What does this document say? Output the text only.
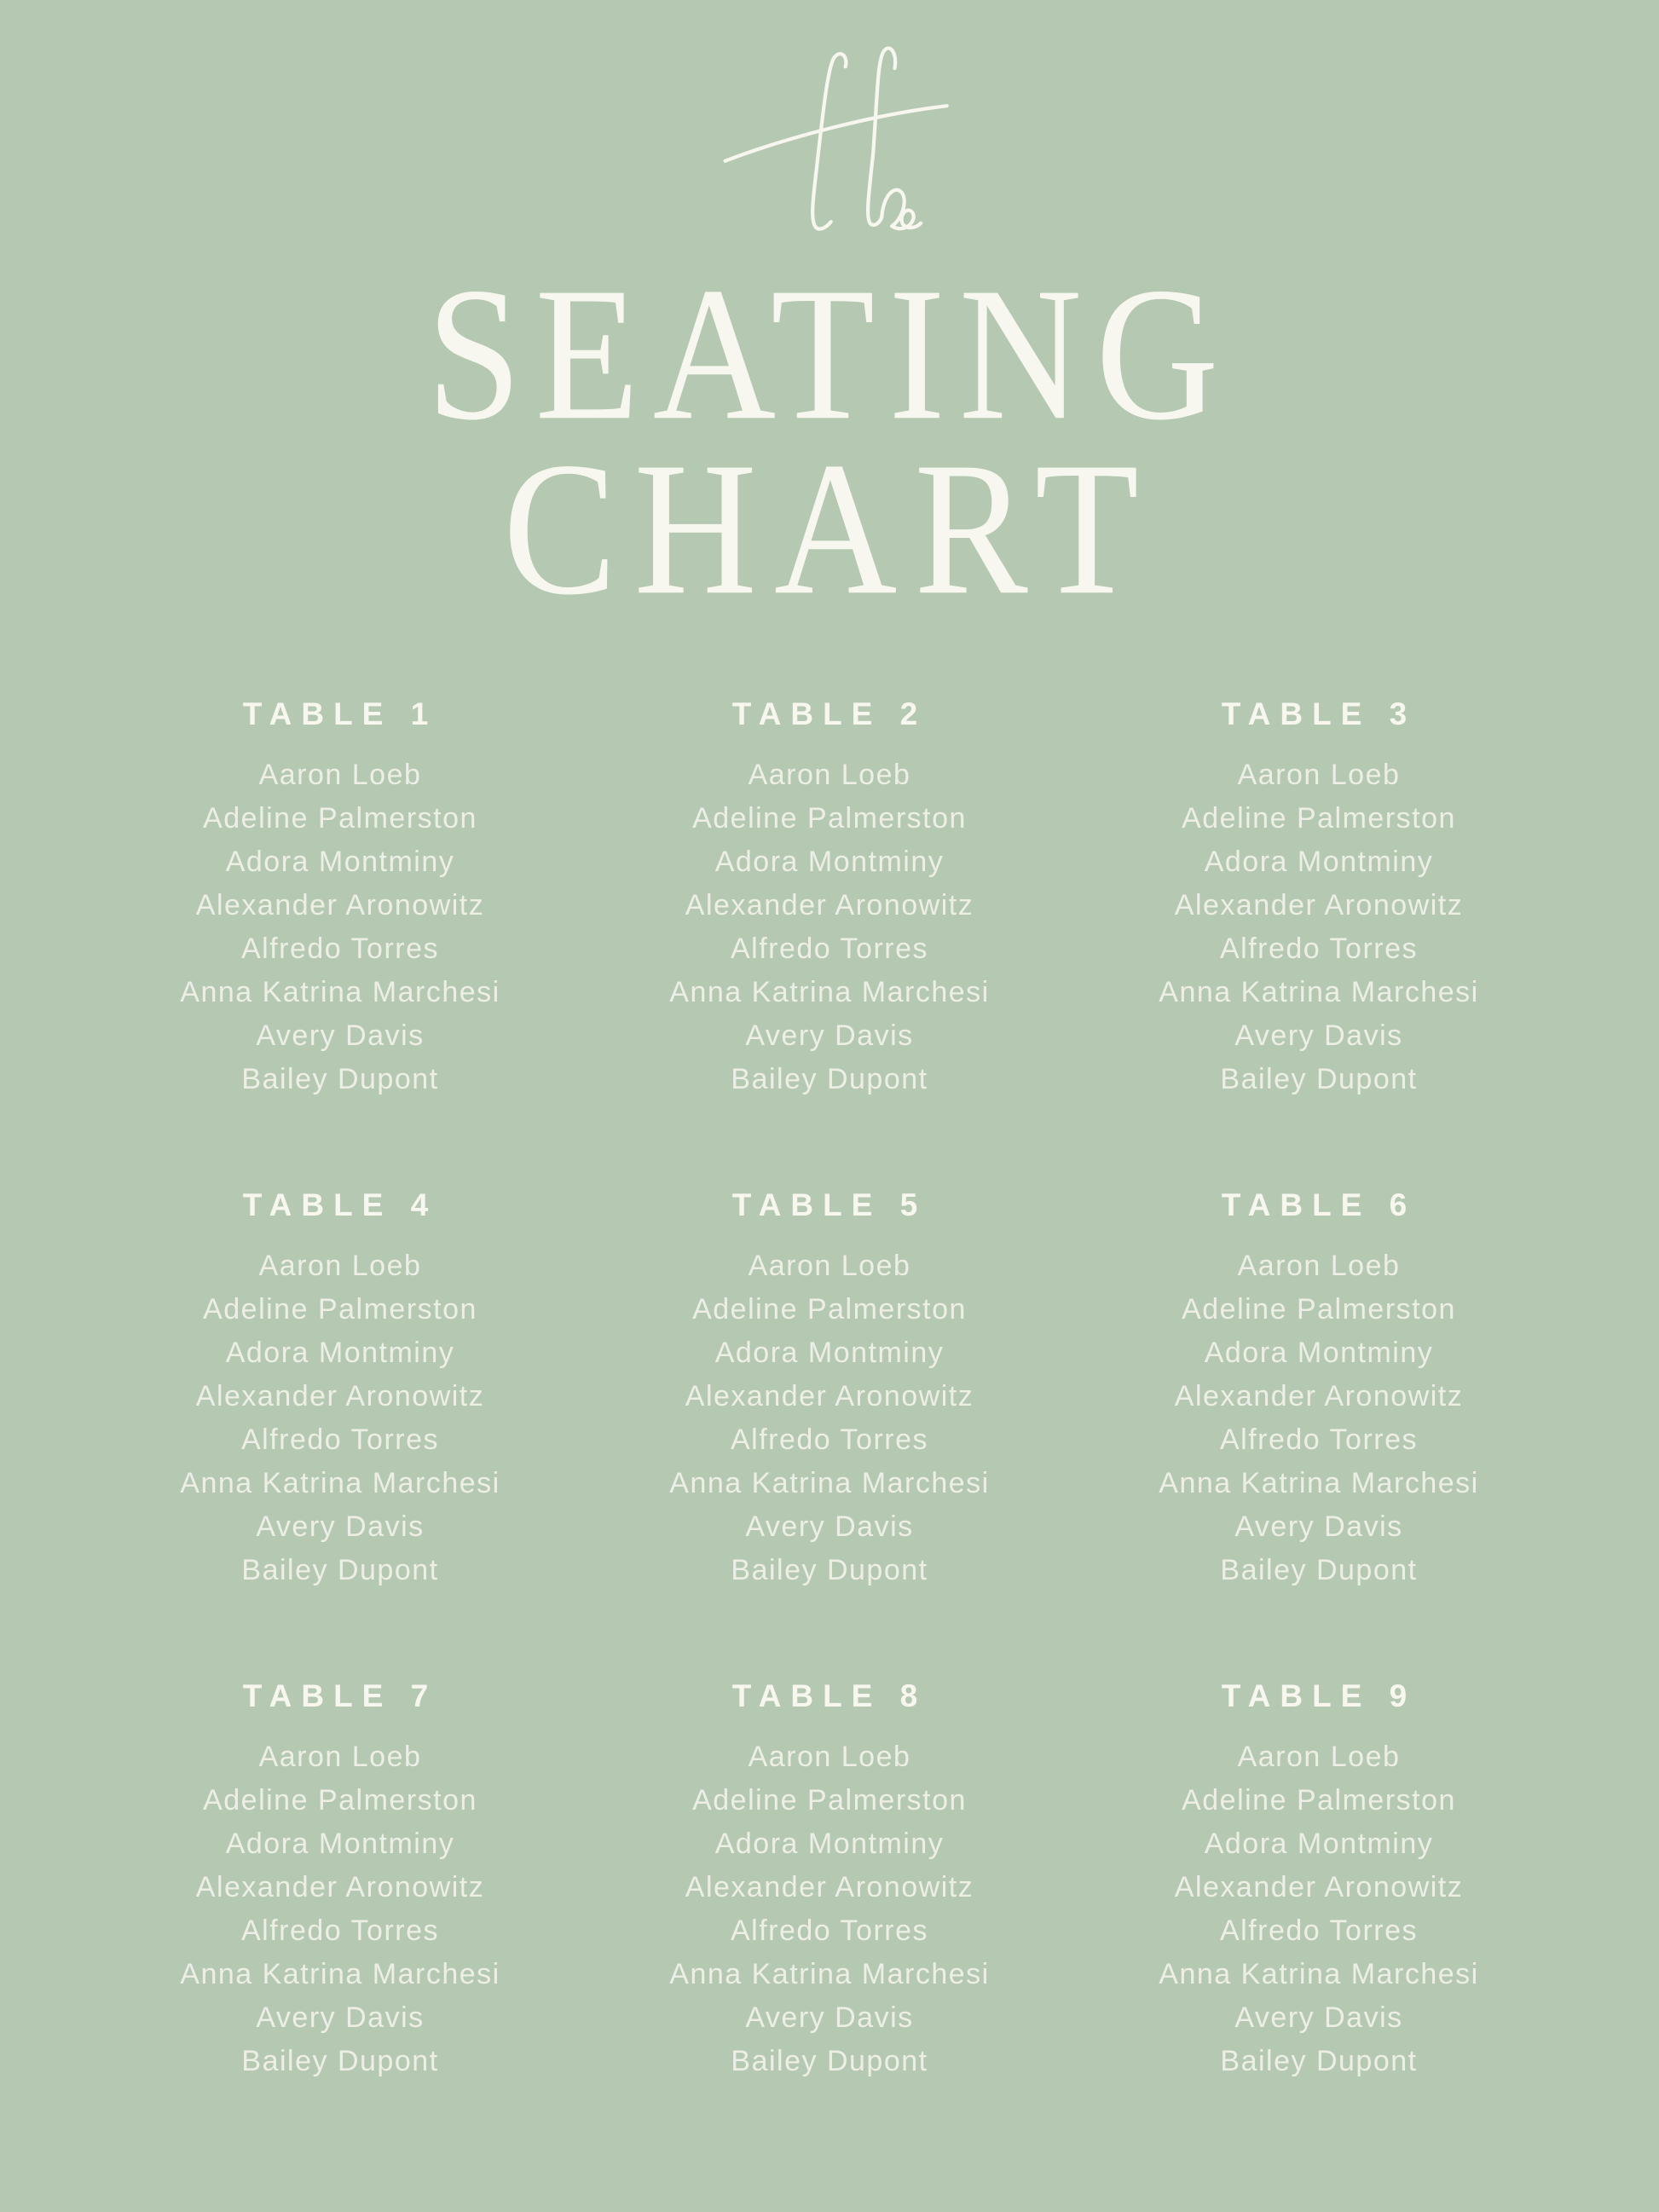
SEATING
CHART
TABLE 1
Aaron Loeb
Adeline Palmerston
Adora Montminy
Alexander Aronowitz
Alfredo Torres
Anna Katrina Marchesi
Avery Davis
Bailey Dupont
TABLE 2
Aaron Loeb
Adeline Palmerston
Adora Montminy
Alexander Aronowitz
Alfredo Torres
Anna Katrina Marchesi
Avery Davis
Bailey Dupont
TABLE 3
Aaron Loeb
Adeline Palmerston
Adora Montminy
Alexander Aronowitz
Alfredo Torres
Anna Katrina Marchesi
Avery Davis
Bailey Dupont
TABLE 4
Aaron Loeb
Adeline Palmerston
Adora Montminy
Alexander Aronowitz
Alfredo Torres
Anna Katrina Marchesi
Avery Davis
Bailey Dupont
TABLE 5
Aaron Loeb
Adeline Palmerston
Adora Montminy
Alexander Aronowitz
Alfredo Torres
Anna Katrina Marchesi
Avery Davis
Bailey Dupont
TABLE 6
Aaron Loeb
Adeline Palmerston
Adora Montminy
Alexander Aronowitz
Alfredo Torres
Anna Katrina Marchesi
Avery Davis
Bailey Dupont
TABLE 7
Aaron Loeb
Adeline Palmerston
Adora Montminy
Alexander Aronowitz
Alfredo Torres
Anna Katrina Marchesi
Avery Davis
Bailey Dupont
TABLE 8
Aaron Loeb
Adeline Palmerston
Adora Montminy
Alexander Aronowitz
Alfredo Torres
Anna Katrina Marchesi
Avery Davis
Bailey Dupont
TABLE 9
Aaron Loeb
Adeline Palmerston
Adora Montminy
Alexander Aronowitz
Alfredo Torres
Anna Katrina Marchesi
Avery Davis
Bailey Dupont
